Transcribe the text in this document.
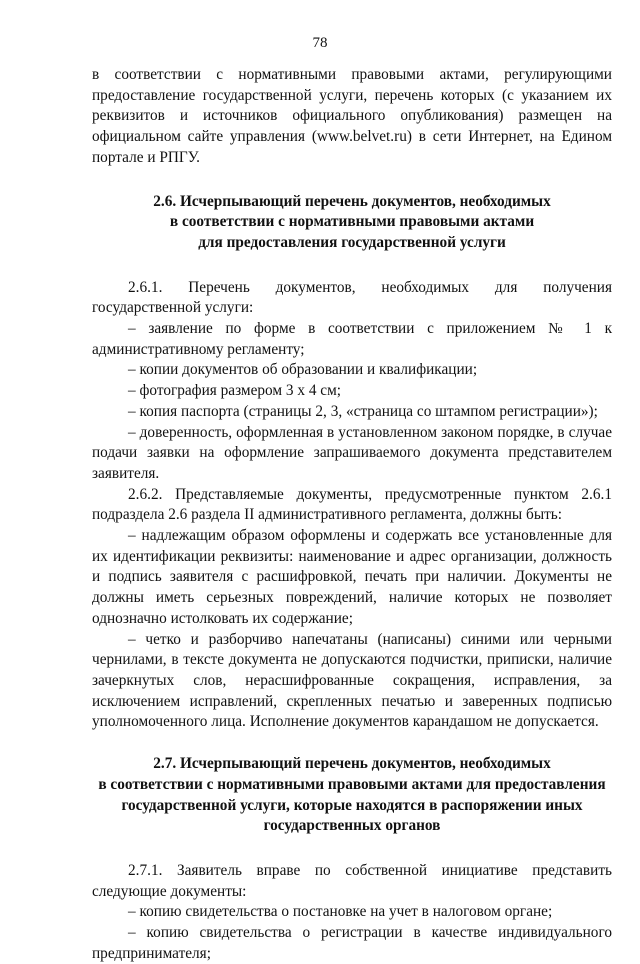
78

в соответствии с нормативными правовыми актами, регулирующими предоставление государственной услуги, перечень которых (с указанием их реквизитов и источников официального опубликования) размещен на официальном сайте управления (www.belvet.ru) в сети Интернет, на Едином портале и РПГУ.

2.6. Исчерпывающий перечень документов, необходимых

в соответствии с нормативными правовыми актами

для предоставления государственной услуги

2.6.1. Перечень документов, необходимых для получения государственной услуги:

– заявление по форме в соответствии с приложением № 1 к административному регламенту;

– копии документов об образовании и квалификации;

– фотография размером 3 х 4 см;

– копия паспорта (страницы 2, 3, «страница со штампом регистрации»);

– доверенность, оформленная в установленном законом порядке, в случае подачи заявки на оформление запрашиваемого документа представителем заявителя.

2.6.2. Представляемые документы, предусмотренные пунктом 2.6.1 подраздела 2.6 раздела II административного регламента, должны быть:

– надлежащим образом оформлены и содержать все установленные для их идентификации реквизиты: наименование и адрес организации, должность и подпись заявителя с расшифровкой, печать при наличии. Документы не должны иметь серьезных повреждений, наличие которых не позволяет однозначно истолковать их содержание;

– четко и разборчиво напечатаны (написаны) синими или черными чернилами, в тексте документа не допускаются подчистки, приписки, наличие зачеркнутых слов, нерасшифрованные сокращения, исправления, за исключением исправлений, скрепленных печатью и заверенных подписью уполномоченного лица. Исполнение документов карандашом не допускается.

2.7. Исчерпывающий перечень документов, необходимых

в соответствии с нормативными правовыми актами для предоставления

государственной услуги, которые находятся в распоряжении иных

государственных органов

2.7.1. Заявитель вправе по собственной инициативе представить следующие документы:

– копию свидетельства о постановке на учет в налоговом органе;

– копию свидетельства о регистрации в качестве индивидуального предпринимателя;
